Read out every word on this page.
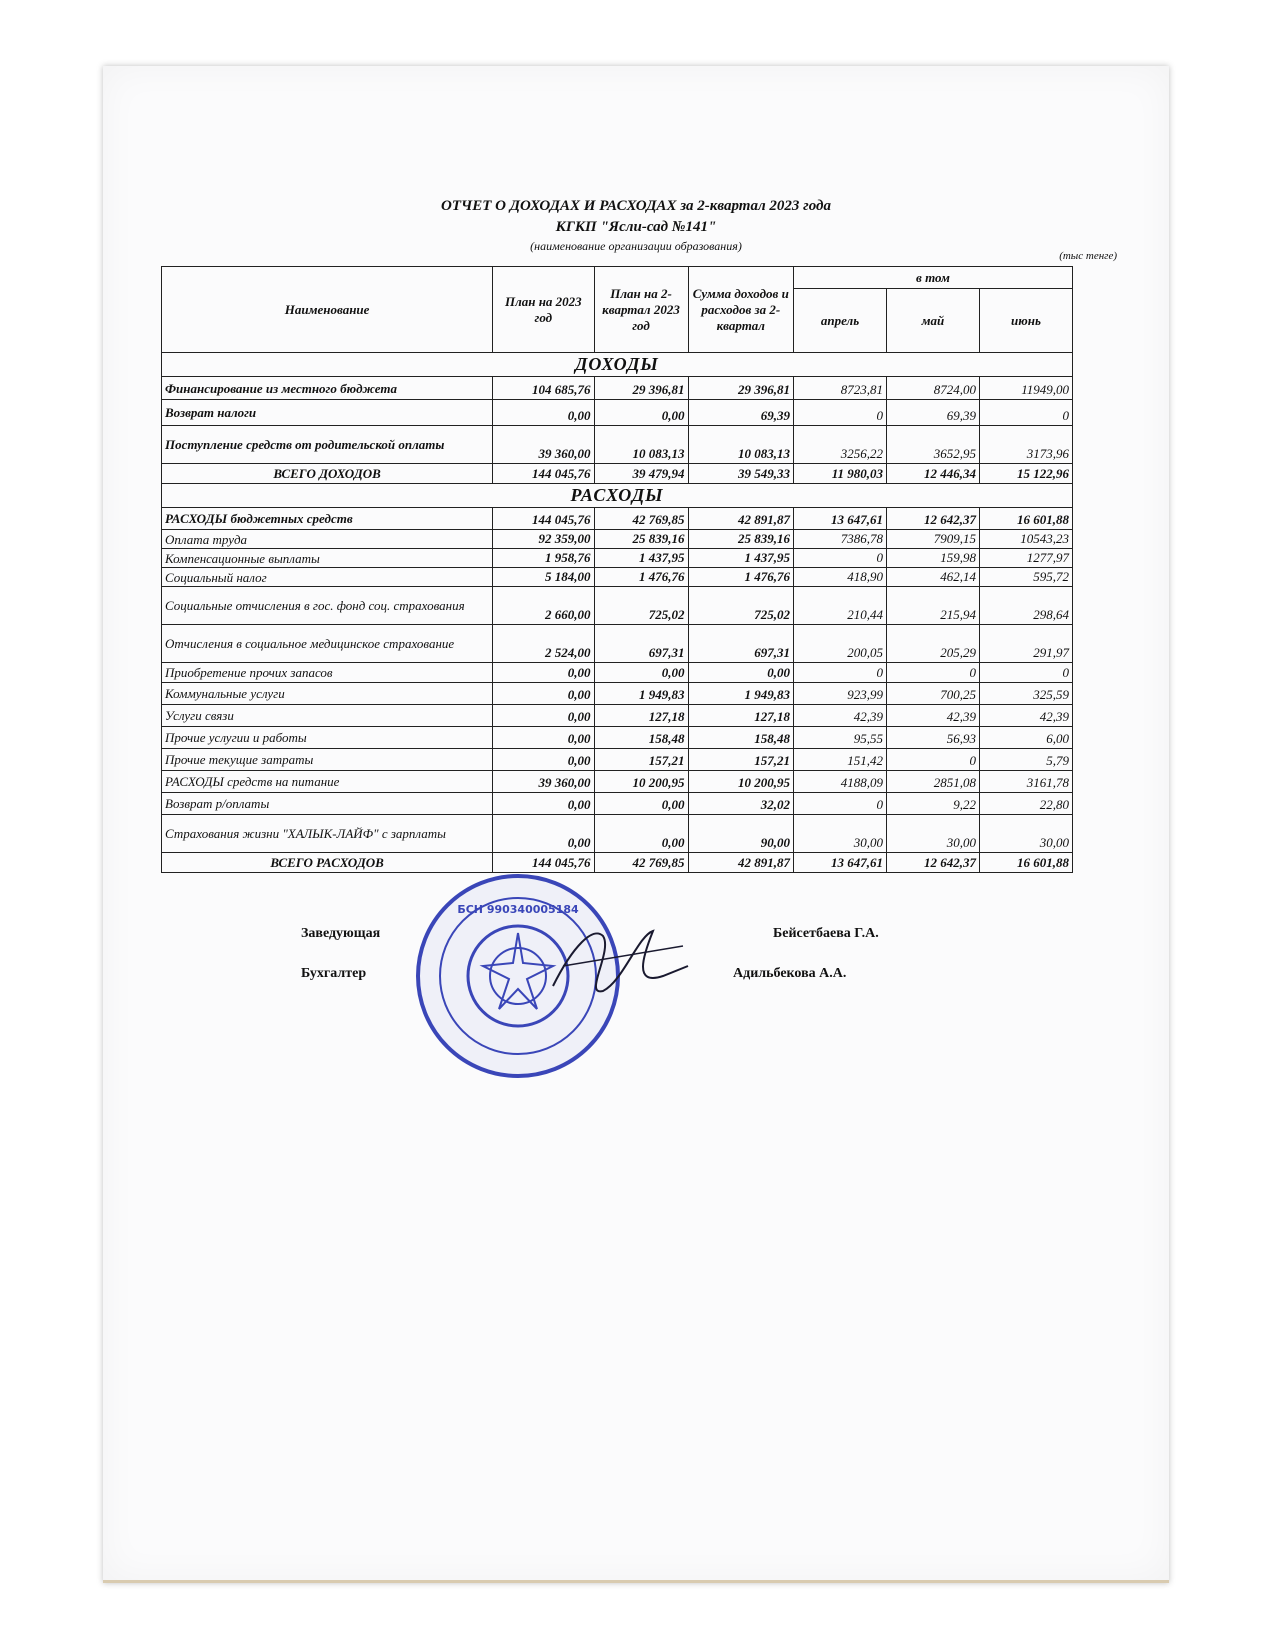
ОТЧЕТ О ДОХОДАХ И РАСХОДАХ за 2-квартал 2023 года
КГКП "Ясли-сад №141"
(наименование организации образования)
(тыс тенге)
Наименование	План на 2023 год	План на 2-квартал 2023 год	Сумма доходов и расходов за 2-квартал	в том		
				апрель	май	июнь
ДОХОДЫ						
Финансирование из местного бюджета	104 685,76	29 396,81	29 396,81	8723,81	8724,00	11949,00
Возврат налоги	0,00	0,00	69,39	0	69,39	0
Поступление средств от родительской оплаты	39 360,00	10 083,13	10 083,13	3256,22	3652,95	3173,96
ВСЕГО ДОХОДОВ	144 045,76	39 479,94	39 549,33	11 980,03	12 446,34	15 122,96
РАСХОДЫ						
РАСХОДЫ бюджетных средств	144 045,76	42 769,85	42 891,87	13 647,61	12 642,37	16 601,88
Оплата труда	92 359,00	25 839,16	25 839,16	7386,78	7909,15	10543,23
Компенсационные выплаты	1 958,76	1 437,95	1 437,95	0	159,98	1277,97
Социальный налог	5 184,00	1 476,76	1 476,76	418,90	462,14	595,72
Социальные отчисления в гос. фонд соц. страхования	2 660,00	725,02	725,02	210,44	215,94	298,64
Отчисления в социальное медицинское страхование	2 524,00	697,31	697,31	200,05	205,29	291,97
Приобретение прочих запасов	0,00	0,00	0,00	0	0	0
Коммунальные услуги	0,00	1 949,83	1 949,83	923,99	700,25	325,59
Услуги связи	0,00	127,18	127,18	42,39	42,39	42,39
Прочие услугии и работы	0,00	158,48	158,48	95,55	56,93	6,00
Прочие текущие затраты	0,00	157,21	157,21	151,42	0	5,79
РАСХОДЫ средств на питание	39 360,00	10 200,95	10 200,95	4188,09	2851,08	3161,78
Возврат р/оплаты	0,00	0,00	32,02	0	9,22	22,80
Страхования жизни "ХАЛЫК-ЛАЙФ" с зарплаты	0,00	0,00	90,00	30,00	30,00	30,00
ВСЕГО РАСХОДОВ	144 045,76	42 769,85	42 891,87	13 647,61	12 642,37	16 601,88
Заведующая	Бейсетбаева Г.А.
Бухгалтер	Адильбекова А.А.
БСН 990340005184
